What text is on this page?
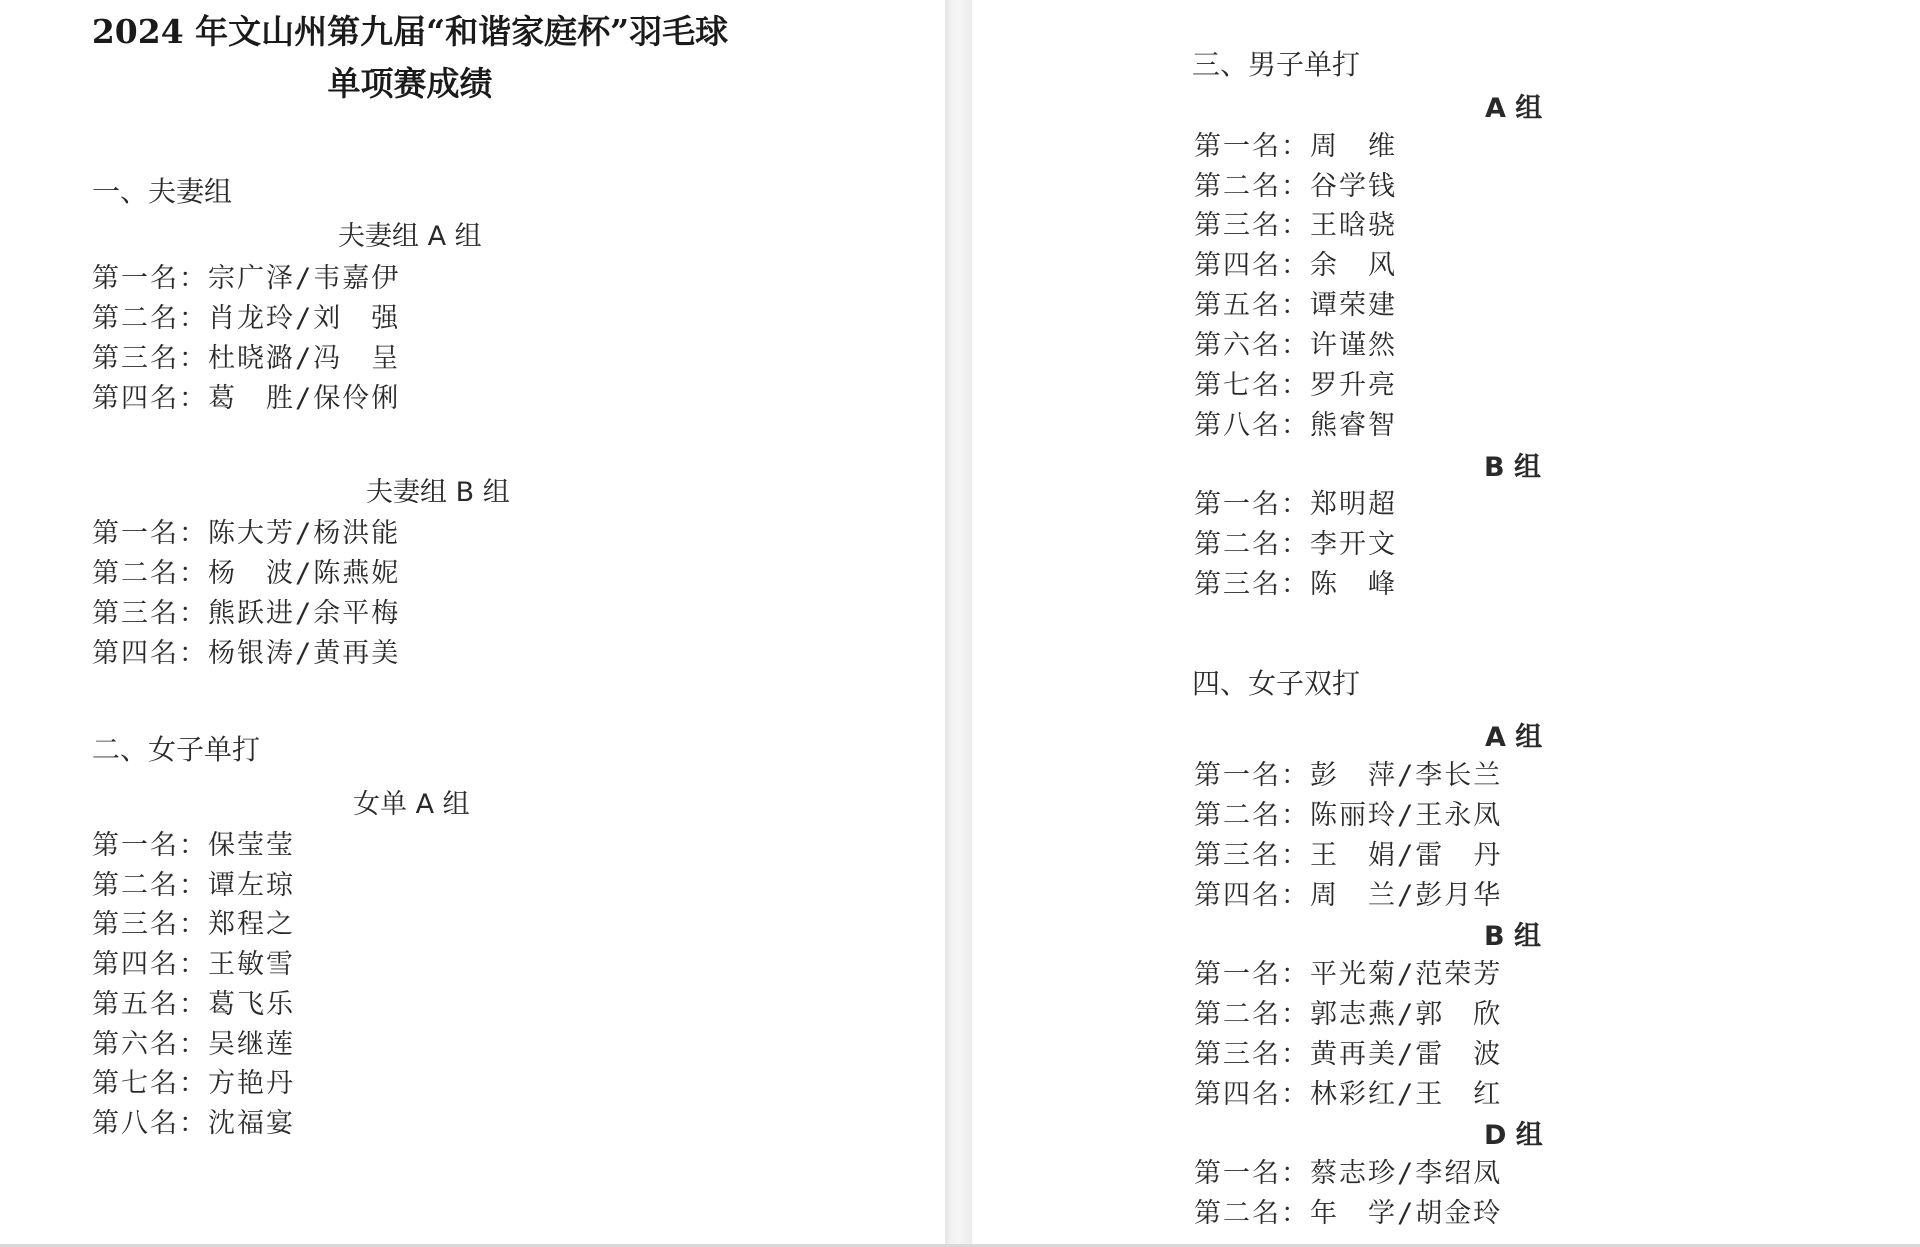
2024 年文山州第九届“和谐家庭杯”羽毛球
单项赛成绩
一、夫妻组
夫妻组 A 组
第一名：宗广泽/韦嘉伊
第二名：肖龙玲/刘　强
第三名：杜晓潞/冯　呈
第四名：葛　胜/保伶俐
夫妻组 B 组
第一名：陈大芳/杨洪能
第二名：杨　波/陈燕妮
第三名：熊跃进/余平梅
第四名：杨银涛/黄再美
二、女子单打
女单 A 组
第一名：保莹莹
第二名：谭左琼
第三名：郑程之
第四名：王敏雪
第五名：葛飞乐
第六名：吴继莲
第七名：方艳丹
第八名：沈福宴
三、男子单打
A 组
第一名：周　维
第二名：谷学钱
第三名：王晗骁
第四名：余　风
第五名：谭荣建
第六名：许谨然
第七名：罗升亮
第八名：熊睿智
B 组
第一名：郑明超
第二名：李开文
第三名：陈　峰
四、女子双打
A 组
第一名：彭　萍/李长兰
第二名：陈丽玲/王永凤
第三名：王　娟/雷　丹
第四名：周　兰/彭月华
B 组
第一名：平光菊/范荣芳
第二名：郭志燕/郭　欣
第三名：黄再美/雷　波
第四名：林彩红/王　红
D 组
第一名：蔡志珍/李绍凤
第二名：年　学/胡金玲
